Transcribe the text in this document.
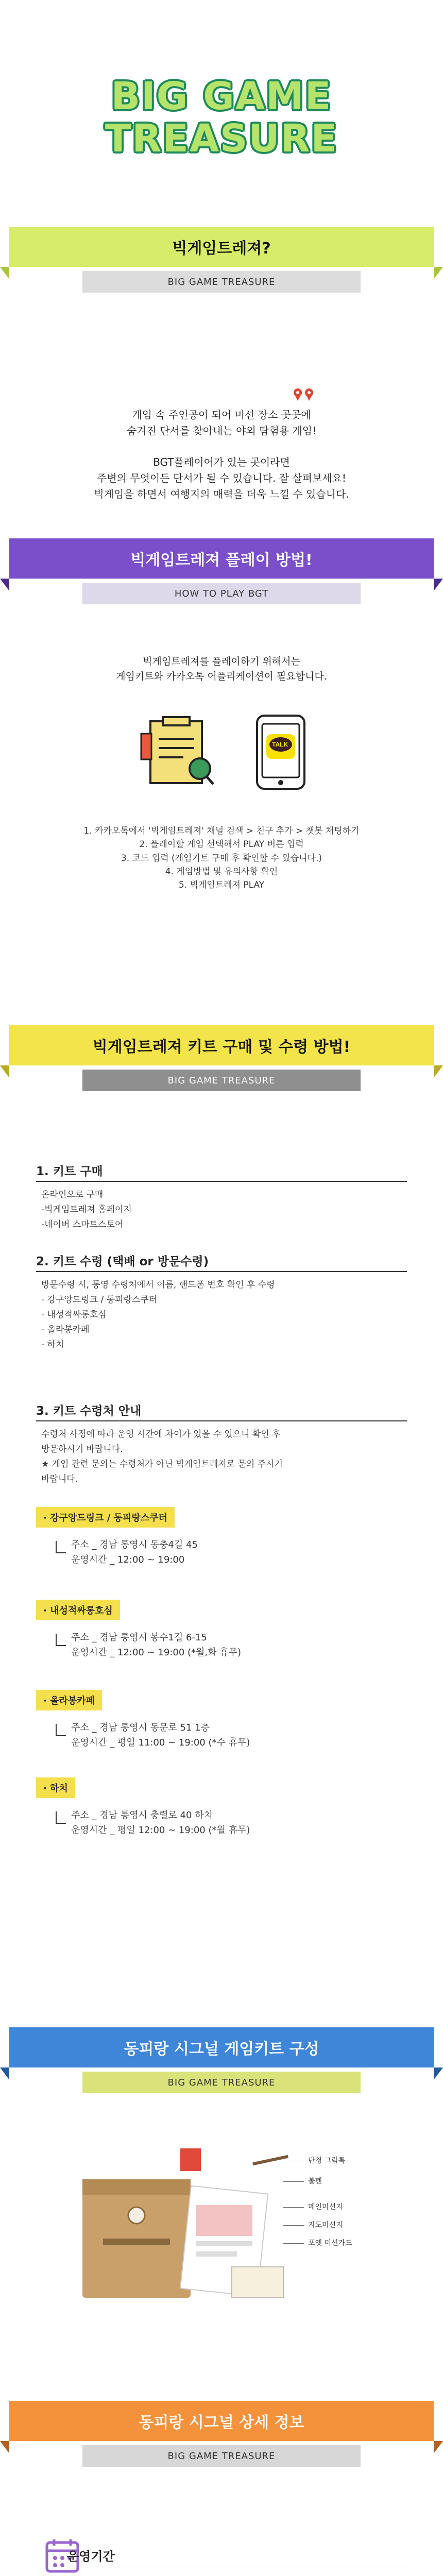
BIG GAME
TREASURE
빅게임트레져?
BIG GAME TREASURE

게임 속 주인공이 되어 미션 장소 곳곳에

숨겨진 단서를 찾아내는 야외 탐험용 게임!

BGT플레이어가 있는 곳이라면

주변의 무엇이든 단서가 될 수 있습니다. 잘 살펴보세요!

빅게임을 하면서 여행지의 매력을 더욱 느낄 수 있습니다.

빅게임트레져 플레이 방법!
HOW TO PLAY BGT

빅게임트레져를 플레이하기 위해서는

게임키트와 카카오톡 어플리케이션이 필요합니다.

TALK

1. 카카오톡에서 '빅게임트레져' 채널 검색 > 친구 추가 > 챗봇 채팅하기

2. 플레이할 게임 선택해서 PLAY 버튼 입력

3. 코드 입력 (게임키트 구매 후 확인할 수 있습니다.)

4. 게임방법 및 유의사항 확인

5. 빅게임트레져 PLAY

빅게임트레져 키트 구매 및 수령 방법!
BIG GAME TREASURE
1. 키트 구매
온라인으로 구매
-빅게임트레져 홈페이지
-네이버 스마트스토어
2. 키트 수령 (택배 or 방문수령)
방문수령 시, 통영 수령처에서 이름, 핸드폰 번호 확인 후 수령
- 강구앙드링크 / 동피랑스쿠터
- 내성적싸롱호심
- 올라봉카페
- 하치
3. 키트 수령처 안내
수령처 사정에 따라 운영 시간에 차이가 있을 수 있으니 확인 후
방문하시기 바랍니다.
★ 게임 관련 문의는 수령처가 아닌 빅게임트레져로 문의 주시기
바랍니다.
· 강구앙드링크 / 동피랑스쿠터
주소 _ 경남 통영시 동충4길 45
운영시간 _ 12:00 ~ 19:00
· 내성적싸롱호심
주소 _ 경남 통영시 봉수1길 6-15
운영시간 _ 12:00 ~ 19:00 (*월,화 휴무)
· 올라봉카페
주소 _ 경남 통영시 동문로 51 1층
운영시간 _ 평일 11:00 ~ 19:00 (*수 휴무)
· 하치
주소 _ 경남 통영시 충렬로 40 하치
운영시간 _ 평일 12:00 ~ 19:00 (*월 휴무)
동피랑 시그널 게임키트 구성
BIG GAME TREASURE
단청 그림톡
볼펜
메인미션지
지도미션지
포옛 미션카드
동피랑 시그널 상세 정보
BIG GAME TREASURE
운영기간
